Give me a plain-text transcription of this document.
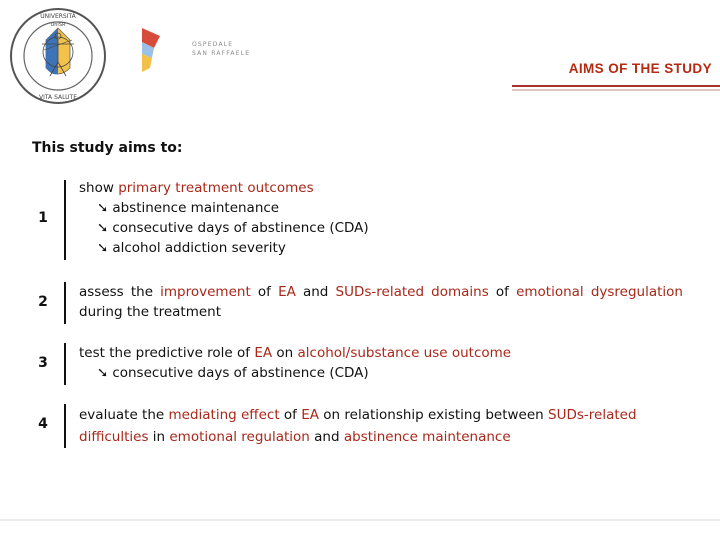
UNIVERSITÀ
VITA SALUTE
UniSR
OSPEDALE
SAN RAFFAELE
AIMS OF THE STUDY
This study aims to:
1
show primary treatment outcomes
➘ abstinence maintenance
➘ consecutive days of abstinence (CDA)
➘ alcohol addiction severity
2
assess the improvement of EA and SUDs-related domains of emotional dysregulation during the treatment
3
test the predictive role of EA on alcohol/substance use outcome
➘ consecutive days of abstinence (CDA)
4
evaluate the mediating effect of EA on relationship existing between SUDs-related difficulties in emotional regulation and abstinence maintenance
